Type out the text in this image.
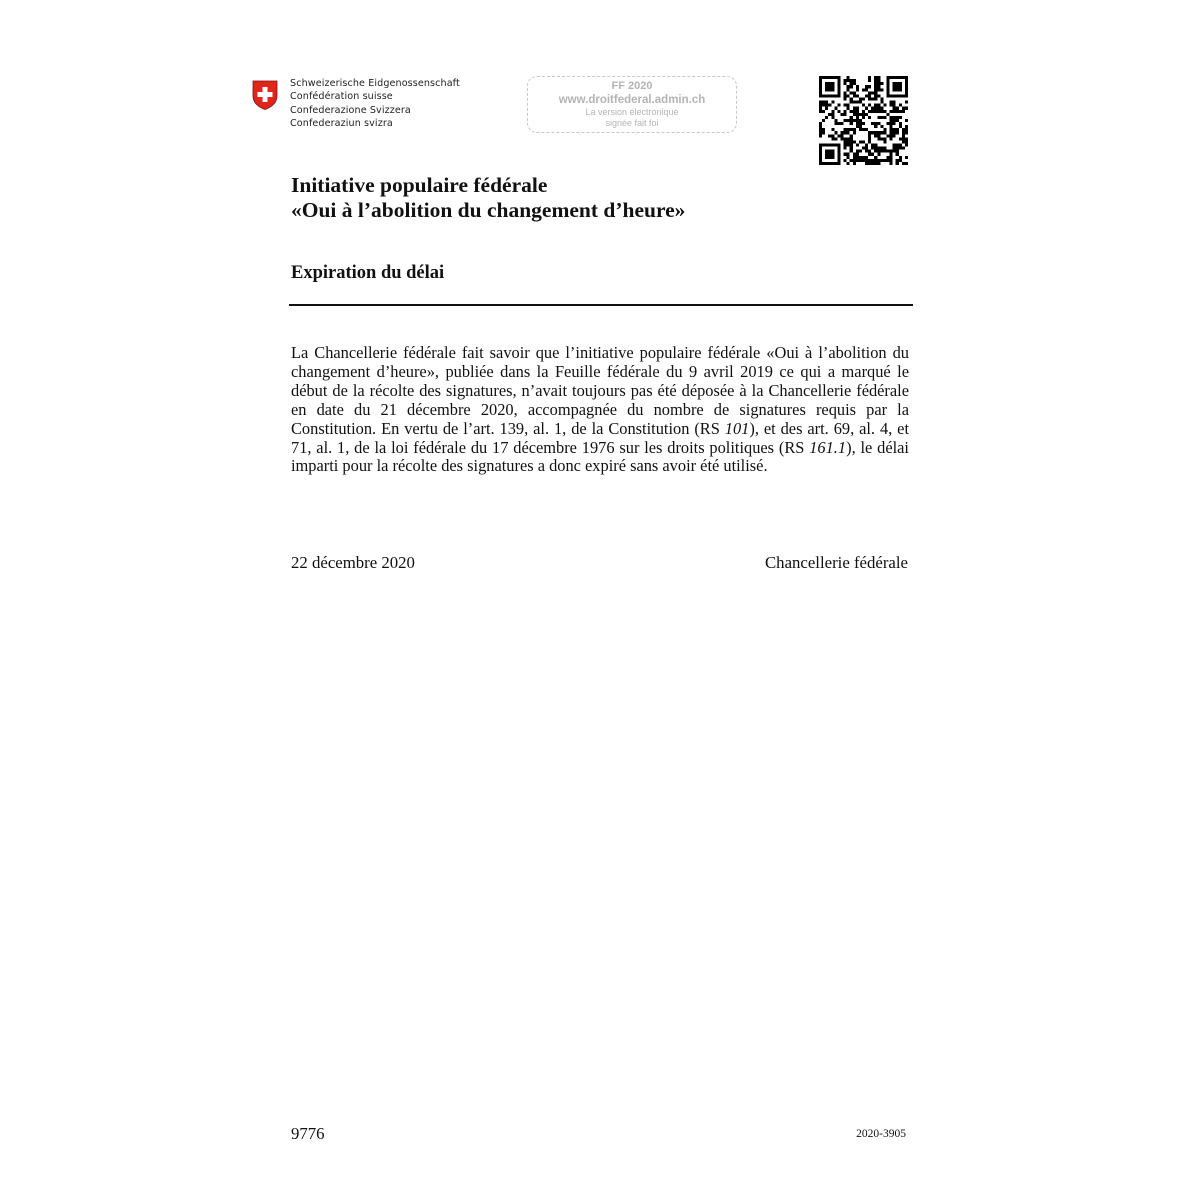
Schweizerische Eidgenossenschaft
Confédération suisse
Confederazione Svizzera
Confederaziun svizra
FF 2020
www.droitfederal.admin.ch
La version électronique
signée fait foi
Initiative populaire fédérale
«Oui à l’abolition du changement d’heure»
Expiration du délai
La Chancellerie fédérale fait savoir que l’initiative populaire fédérale «Oui à l’abolition du changement d’heure», publiée dans la Feuille fédérale du 9 avril 2019 ce qui a marqué le début de la récolte des signatures, n’avait toujours pas été déposée à la Chancellerie fédérale en date du 21 décembre 2020, accompagnée du nombre de signatures requis par la Constitution. En vertu de l’art. 139, al. 1, de la Constitution (RS 101), et des art. 69, al. 4, et 71, al. 1, de la loi fédérale du 17 décembre 1976 sur les droits politiques (RS 161.1), le délai imparti pour la récolte des signatures a donc expiré sans avoir été utilisé.
22 décembre 2020	Chancellerie fédérale
9776	2020-3905
